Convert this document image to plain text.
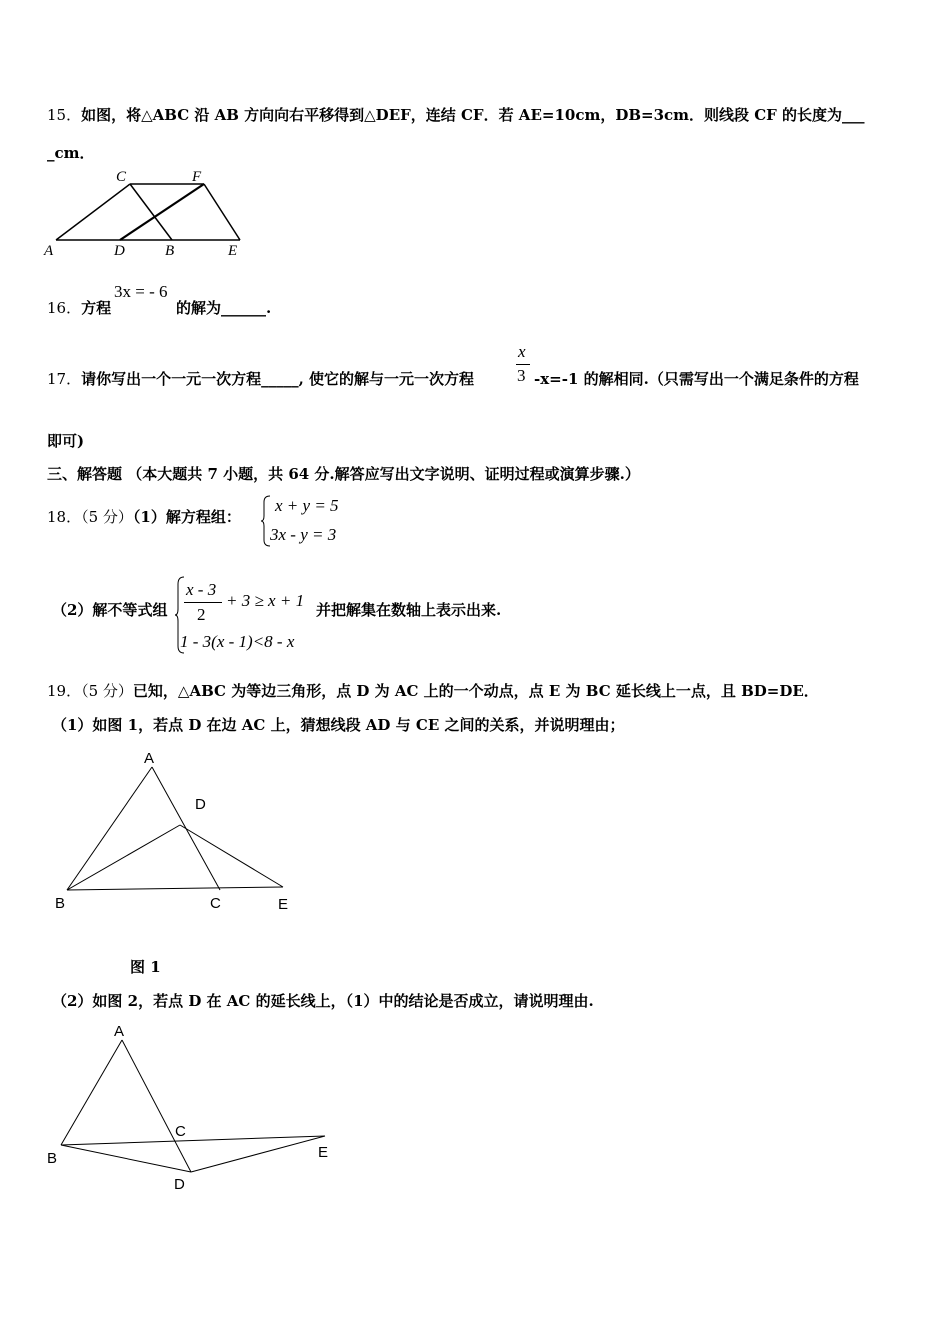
15．如图，将△ABC 沿 AB 方向向右平移得到△DEF，连结 CF．若 AE=10cm，DB=3cm．则线段 CF 的长度为___
_cm．
C	F
A	D	B	E
16．方程
3x = - 6
的解为______.
17．请你写出一个一元一次方程_____, 使它的解与一元一次方程
x
3 -x=-1 的解相同.（只需写出一个满足条件的方程
即可)
三、解答题 （本大题共 7 小题，共 64 分.解答应写出文字说明、证明过程或演算步骤.）
18．（5 分）（1）解方程组：
x + y = 5
3x - y = 3
（2）解不等式组
x - 3
2
+ 3 ≥ x + 1
1 - 3(x - 1)<8 - x
并把解集在数轴上表示出来.
19．（5 分）已知，△ABC 为等边三角形，点 D 为 AC 上的一个动点，点 E 为 BC 延长线上一点，且 BD=DE．
（1）如图 1，若点 D 在边 AC 上，猜想线段 AD 与 CE 之间的关系，并说明理由；
A
D
B	C	E
图 1
（2）如图 2，若点 D 在 AC 的延长线上，（1）中的结论是否成立，请说明理由.
A
C
B	E
D
